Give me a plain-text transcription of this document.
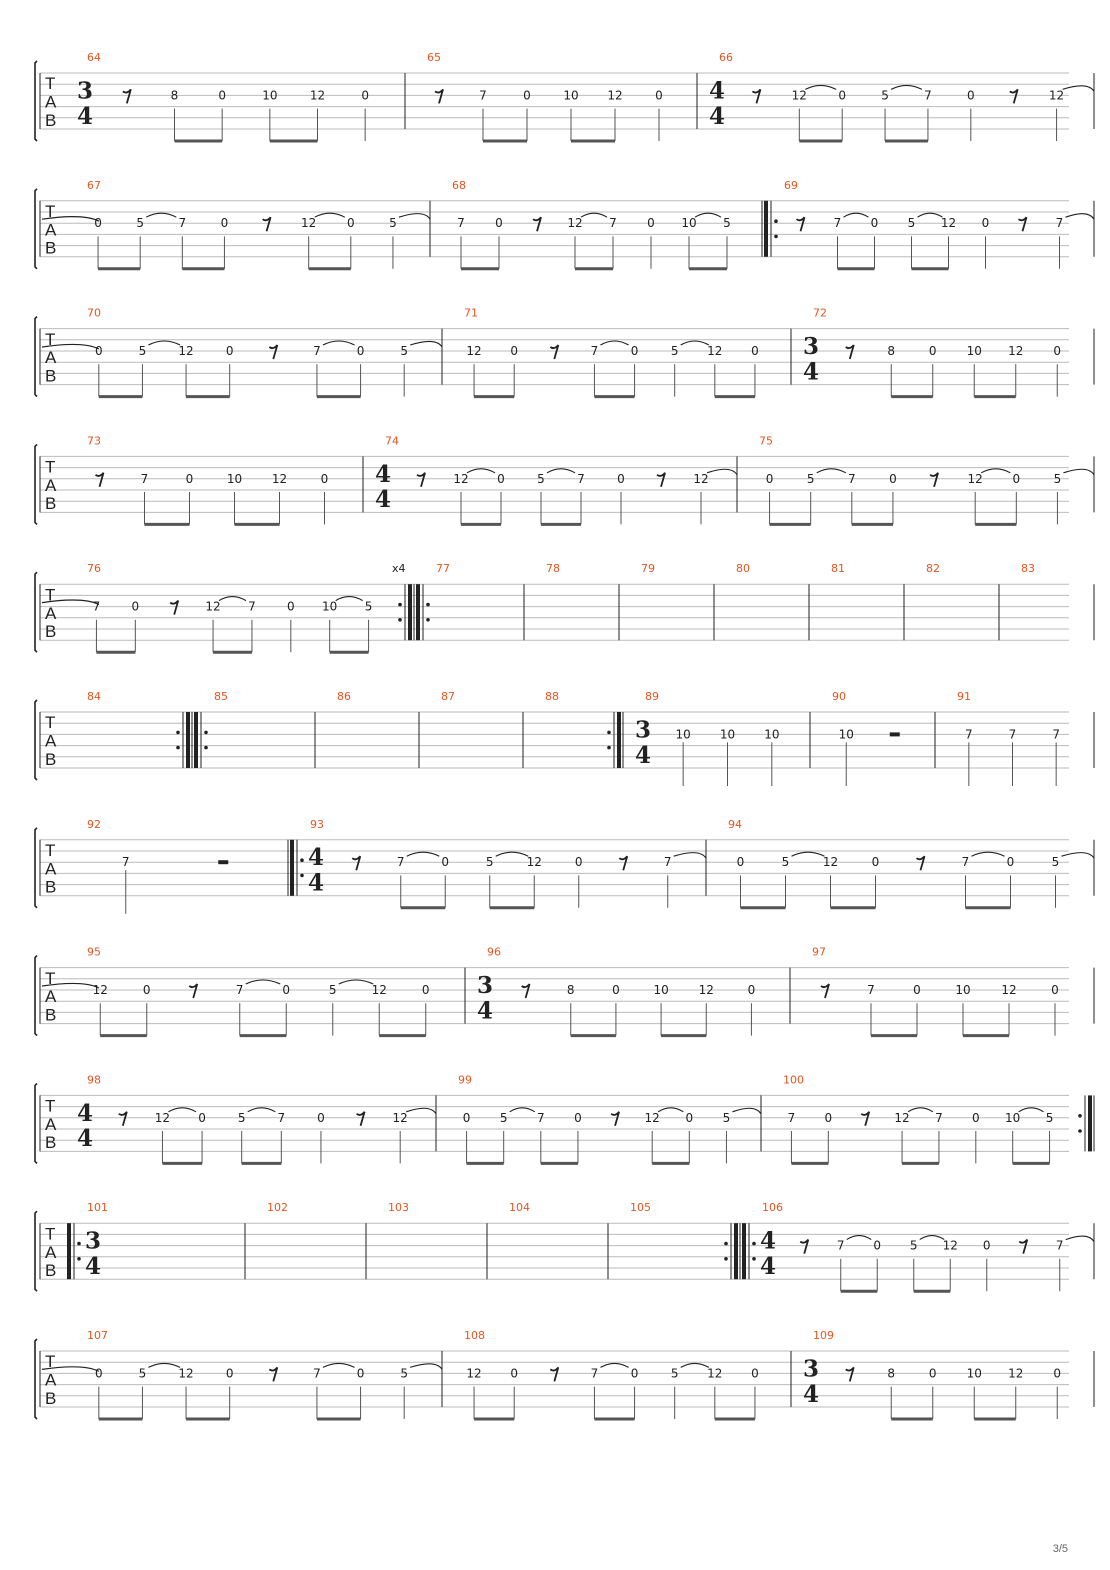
T
A
B
64
3
4
8	0	10	12	0
65
7	0	10 12	0
66
4
4
12	0	5	7	0	12
T
A
B
67
0	5	7	0	12	0	5
68
7	0	12 7	0 10 5
69
7 0 5 12 0	7
T
A
B
70
0	5	12	0	7	0	5
71
12 0	7	0	5 12 0
72
3
4
8	0	10 12	0
T
A
B
73
7	0	10 12	0
74
4
4
12 0	5	7	0	12
75
0	5	7	0	12 0	5
T
A
B
76
7	0	12 7	0 10 5
x4	77	78	79	80	81	82	83
T
A
B
84	85	86	87	88	89
3
4
10 10 10
90
10
91
7	7	7
T
A
B
92
7
93
4
4
7	0	5	12	0	7
94
0	5	12	0	7	0	5
T
A
B
95
12	0	7	0	5	12	0
96
3
4
8	0	10 12	0
97
7	0	10	12	0
T
A
B
98
4
4
12 0	5	7	0	12
99
0 5 7 0	12 0 5
100
7 0	12 7 0 10 5
T
A
B
101
3
4
102	103	104	105	106
4
4
7 0 5 12 0	7
T
A
B
107
0	5	12	0	7	0	5
108
12 0	7	0	5 12 0
109
3
4
8	0	10 12	0
3/5
